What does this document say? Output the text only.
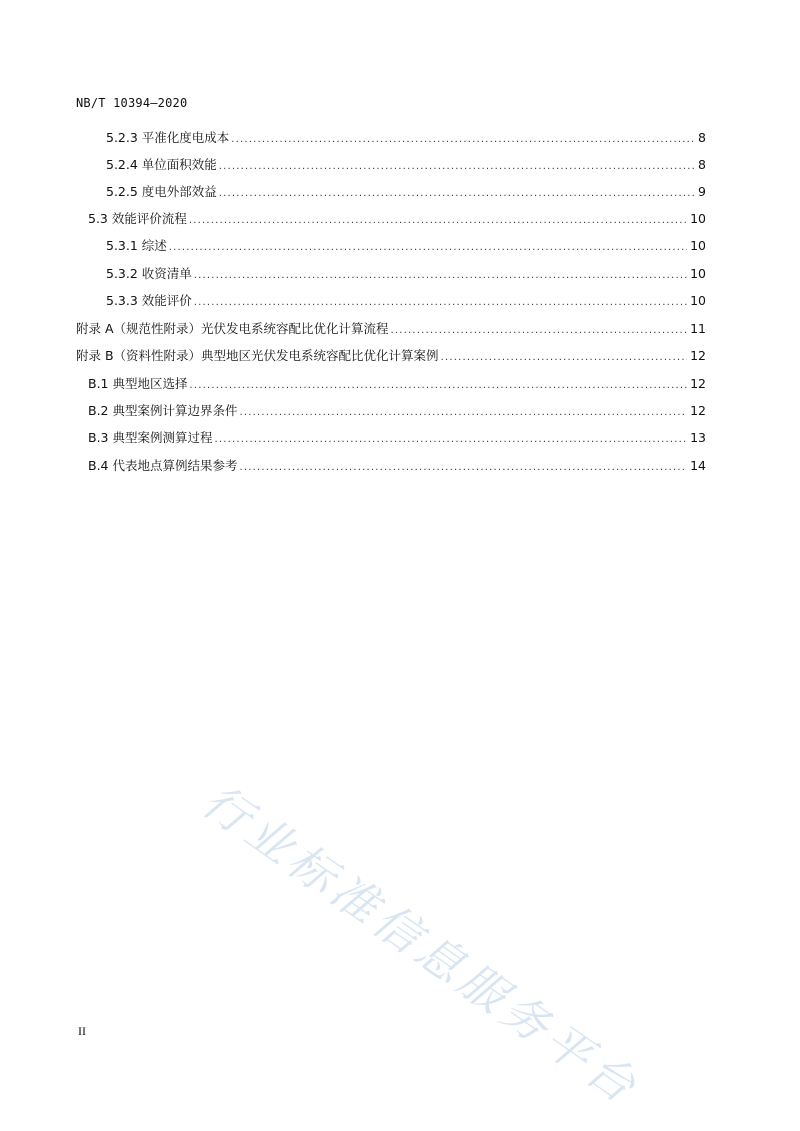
NB/T 10394—2020
5.2.3 平准化度电成本 .....	8
5.2.4 单位面积效能 .....	8
5.2.5 度电外部效益 .....	9
5.3 效能评价流程 .....	10
5.3.1 综述 .....	10
5.3.2 收资清单 .....	10
5.3.3 效能评价 .....	10
附录 A（规范性附录）光伏发电系统容配比优化计算流程 .....	11
附录 B（资料性附录）典型地区光伏发电系统容配比优化计算案例 .....	12
B.1 典型地区选择 .....	12
B.2 典型案例计算边界条件 .....	12
B.3 典型案例测算过程 .....	13
B.4 代表地点算例结果参考 .....	14
行业标准信息服务平台
II
